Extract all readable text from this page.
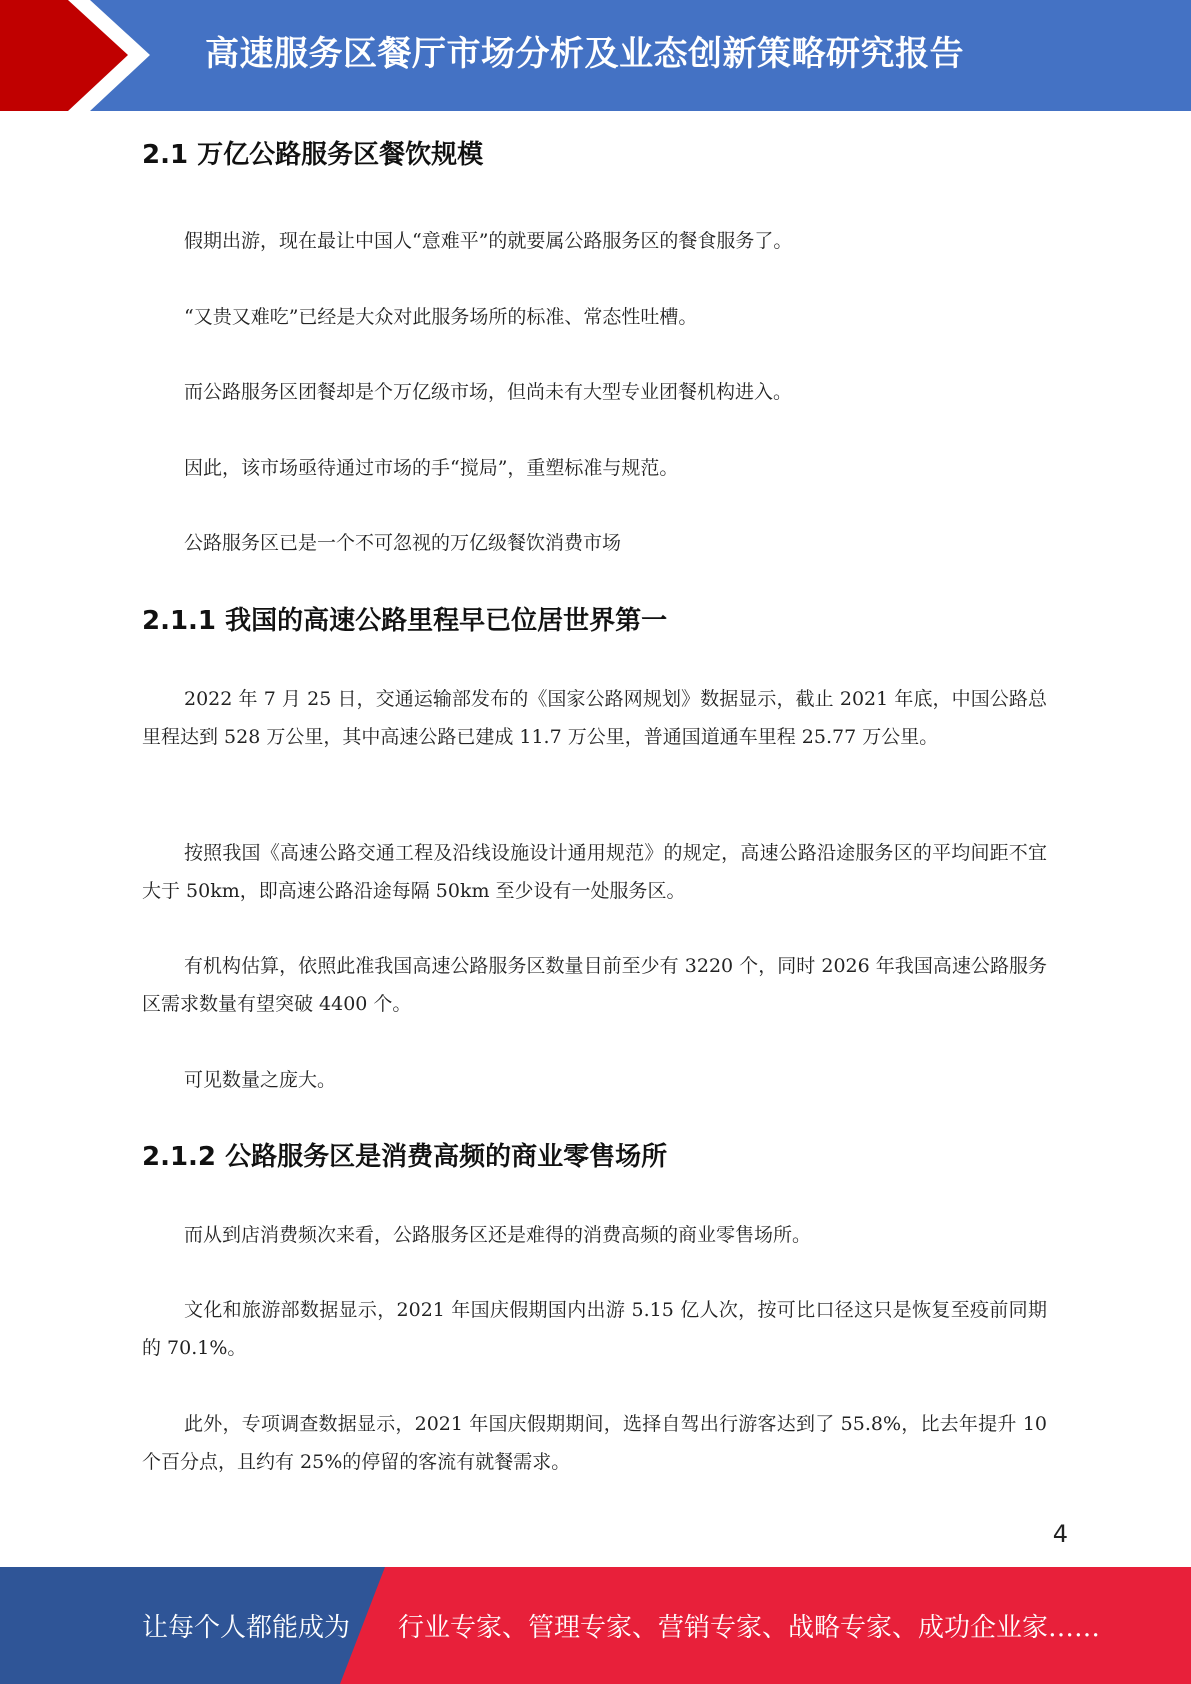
高速服务区餐厅市场分析及业态创新策略研究报告
2.1 万亿公路服务区餐饮规模
假期出游，现在最让中国人“意难平”的就要属公路服务区的餐食服务了。
“又贵又难吃”已经是大众对此服务场所的标准、常态性吐槽。
而公路服务区团餐却是个万亿级市场，但尚未有大型专业团餐机构进入。
因此，该市场亟待通过市场的手“搅局”，重塑标准与规范。
公路服务区已是一个不可忽视的万亿级餐饮消费市场
2.1.1 我国的高速公路里程早已位居世界第一
2022 年 7 月 25 日，交通运输部发布的《国家公路网规划》数据显示，截止 2021 年底，中国公路总里程达到 528 万公里，其中高速公路已建成 11.7 万公里，普通国道通车里程 25.77 万公里。
按照我国《高速公路交通工程及沿线设施设计通用规范》的规定，高速公路沿途服务区的平均间距不宜大于 50km，即高速公路沿途每隔 50km 至少设有一处服务区。
有机构估算，依照此准我国高速公路服务区数量目前至少有 3220 个，同时 2026 年我国高速公路服务区需求数量有望突破 4400 个。
可见数量之庞大。
2.1.2 公路服务区是消费高频的商业零售场所
而从到店消费频次来看，公路服务区还是难得的消费高频的商业零售场所。
文化和旅游部数据显示，2021 年国庆假期国内出游 5.15 亿人次，按可比口径这只是恢复至疫前同期的 70.1%。
此外，专项调查数据显示，2021 年国庆假期期间，选择自驾出行游客达到了 55.8%，比去年提升 10 个百分点，且约有 25%的停留的客流有就餐需求。
4
让每个人都能成为 行业专家、管理专家、营销专家、战略专家、成功企业家……
